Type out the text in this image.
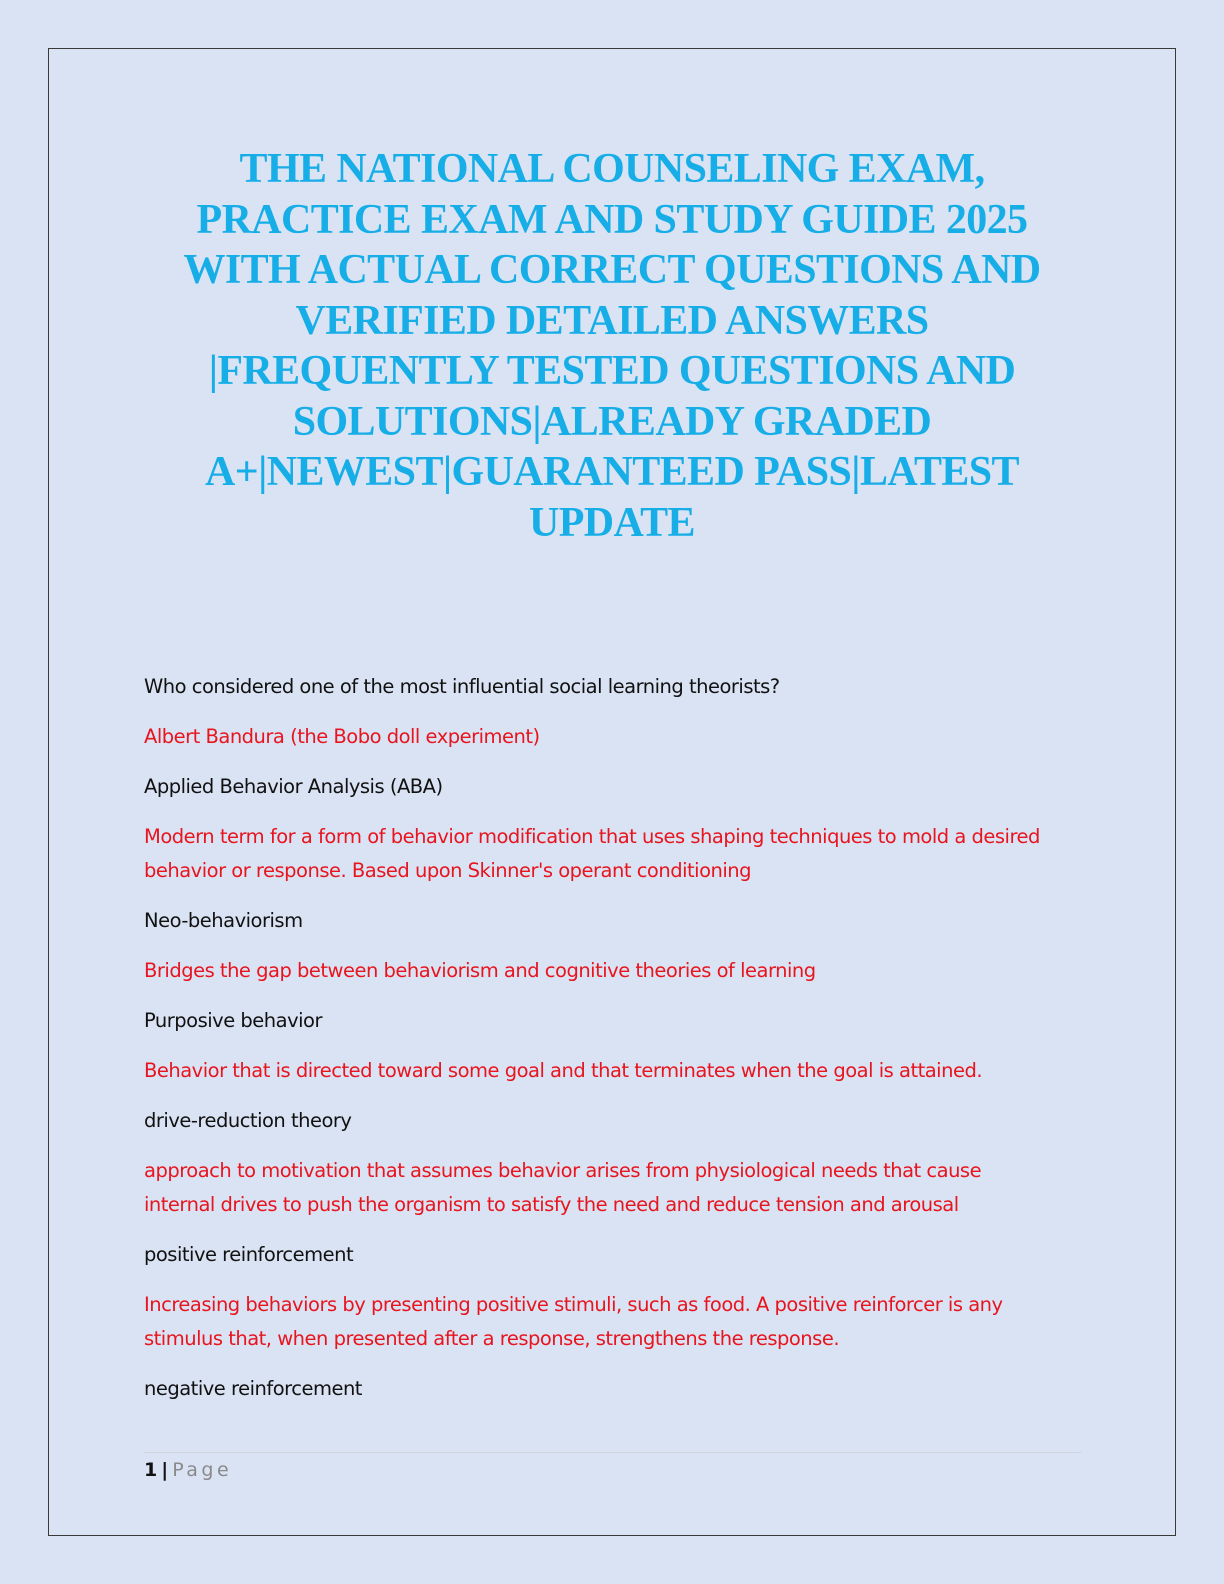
THE NATIONAL COUNSELING EXAM,
PRACTICE EXAM AND STUDY GUIDE 2025
WITH ACTUAL CORRECT QUESTIONS AND
VERIFIED DETAILED ANSWERS
|FREQUENTLY TESTED QUESTIONS AND
SOLUTIONS|ALREADY GRADED
A+|NEWEST|GUARANTEED PASS|LATEST
UPDATE

Who considered one of the most influential social learning theorists?

Albert Bandura (the Bobo doll experiment)

Applied Behavior Analysis (ABA)

Modern term for a form of behavior modification that uses shaping techniques to mold a desired behavior or response. Based upon Skinner's operant conditioning

Neo-behaviorism

Bridges the gap between behaviorism and cognitive theories of learning

Purposive behavior

Behavior that is directed toward some goal and that terminates when the goal is attained.

drive-reduction theory

approach to motivation that assumes behavior arises from physiological needs that cause internal drives to push the organism to satisfy the need and reduce tension and arousal

positive reinforcement

Increasing behaviors by presenting positive stimuli, such as food. A positive reinforcer is any stimulus that, when presented after a response, strengthens the response.

negative reinforcement

1 | Page
